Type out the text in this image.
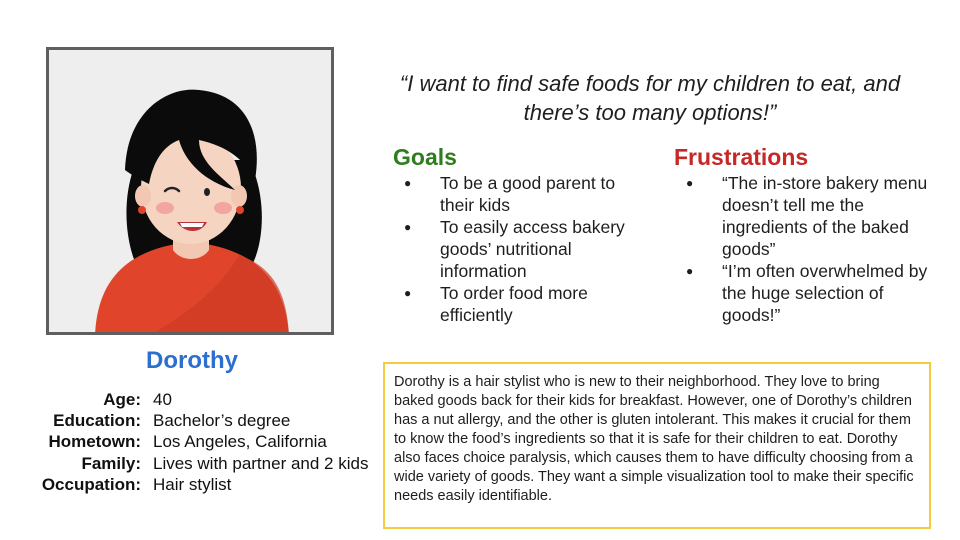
Dorothy
Age: 40
Education: Bachelor’s degree
Hometown: Los Angeles, California
Family: Lives with partner and 2 kids
Occupation: Hair stylist
“I want to find safe foods for my children to eat, and there’s too many options!”
Goals
● To be a good parent to their kids
● To easily access bakery goods’ nutritional information
● To order food more efficiently
Frustrations
● “The in-store bakery menu doesn’t tell me the ingredients of the baked goods”
● “I’m often overwhelmed by the huge selection of goods!”
Dorothy is a hair stylist who is new to their neighborhood. They love to bring baked goods back for their kids for breakfast. However, one of Dorothy’s children has a nut allergy, and the other is gluten intolerant. This makes it crucial for them to know the food’s ingredients so that it is safe for their children to eat. Dorothy also faces choice paralysis, which causes them to have difficulty choosing from a wide variety of goods. They want a simple visualization tool to make their specific needs easily identifiable.
